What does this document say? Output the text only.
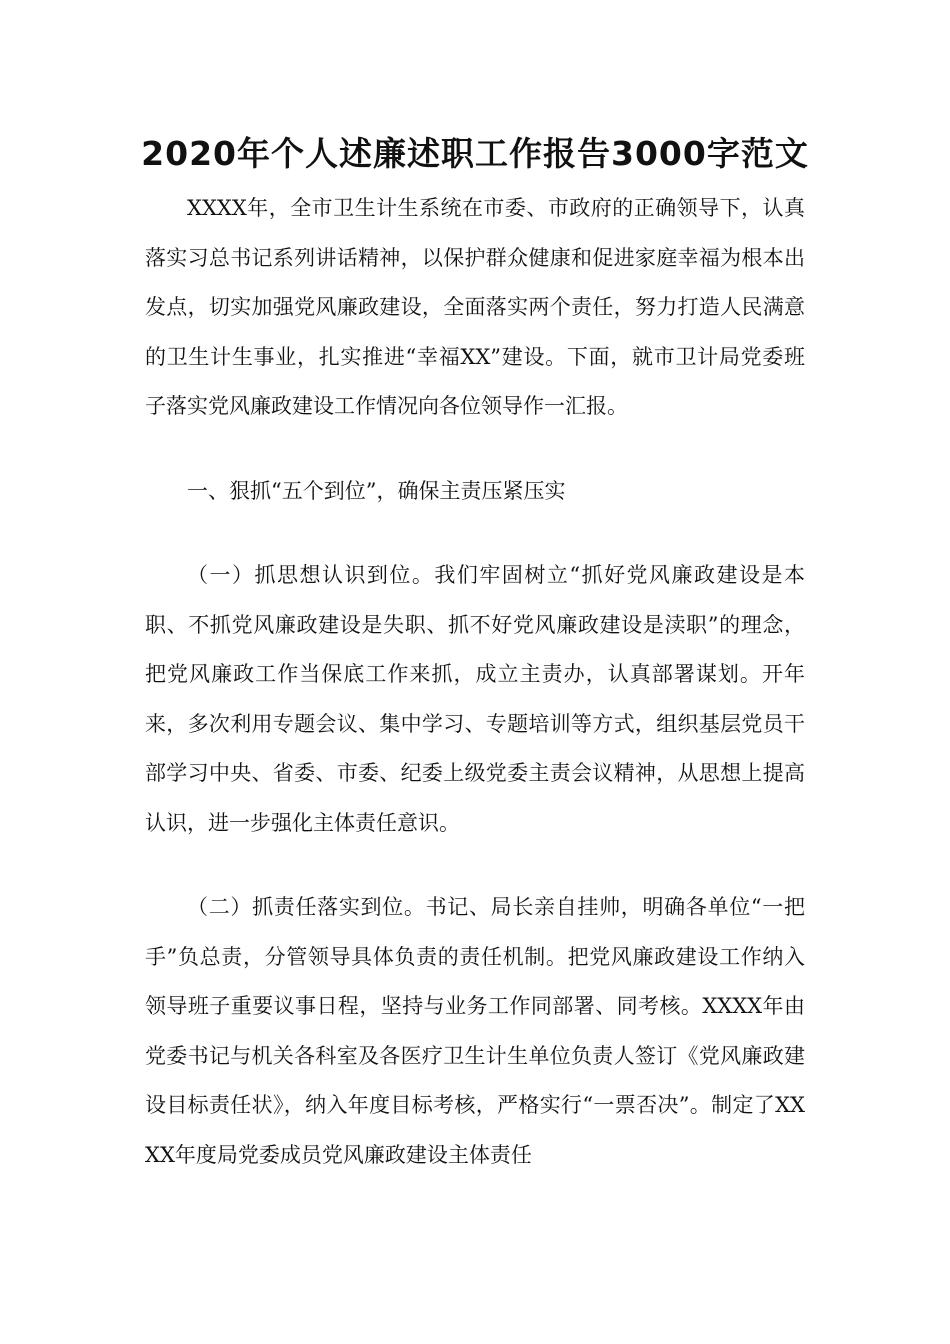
2020年个人述廉述职工作报告3000字范文

XXXX年，全市卫生计生系统在市委、市政府的正确领导下，认真落实习总书记系列讲话精神，以保护群众健康和促进家庭幸福为根本出发点，切实加强党风廉政建设，全面落实两个责任，努力打造人民满意的卫生计生事业，扎实推进“幸福XX”建设。下面，就市卫计局党委班子落实党风廉政建设工作情况向各位领导作一汇报。

一、狠抓“五个到位”，确保主责压紧压实

（一）抓思想认识到位。我们牢固树立“抓好党风廉政建设是本职、不抓党风廉政建设是失职、抓不好党风廉政建设是渎职”的理念，把党风廉政工作当保底工作来抓，成立主责办，认真部署谋划。开年来，多次利用专题会议、集中学习、专题培训等方式，组织基层党员干部学习中央、省委、市委、纪委上级党委主责会议精神，从思想上提高认识，进一步强化主体责任意识。

（二）抓责任落实到位。书记、局长亲自挂帅，明确各单位“一把手”负总责，分管领导具体负责的责任机制。把党风廉政建设工作纳入领导班子重要议事日程，坚持与业务工作同部署、同考核。XXXX年由党委书记与机关各科室及各医疗卫生计生单位负责人签订《党风廉政建设目标责任状》，纳入年度目标考核，严格实行“一票否决”。制定了XXXX年度局党委成员党风廉政建设主体责任
